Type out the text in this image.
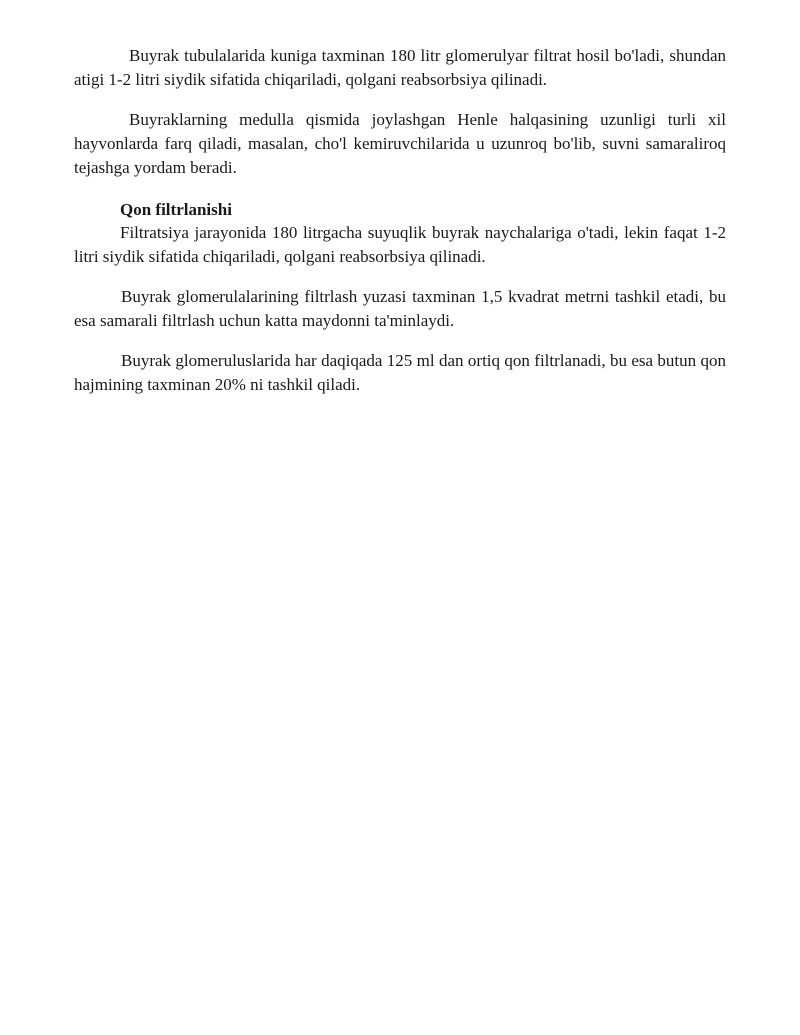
Buyrak tubulalarida kuniga taxminan 180 litr glomerulyar filtrat hosil bo'ladi, shundan atigi 1-2 litri siydik sifatida chiqariladi, qolgani reabsorbsiya qilinadi.

Buyraklarning medulla qismida joylashgan Henle halqasining uzunligi turli xil hayvonlarda farq qiladi, masalan, cho'l kemiruvchilarida u uzunroq bo'lib, suvni samaraliroq tejashga yordam beradi.

Qon filtrlanishi

Filtratsiya jarayonida 180 litrgacha suyuqlik buyrak naychalariga o'tadi, lekin faqat 1-2 litri siydik sifatida chiqariladi, qolgani reabsorbsiya qilinadi.

Buyrak glomerulalarining filtrlash yuzasi taxminan 1,5 kvadrat metrni tashkil etadi, bu esa samarali filtrlash uchun katta maydonni ta'minlaydi.

Buyrak glomeruluslarida har daqiqada 125 ml dan ortiq qon filtrlanadi, bu esa butun qon hajmining taxminan 20% ni tashkil qiladi.
